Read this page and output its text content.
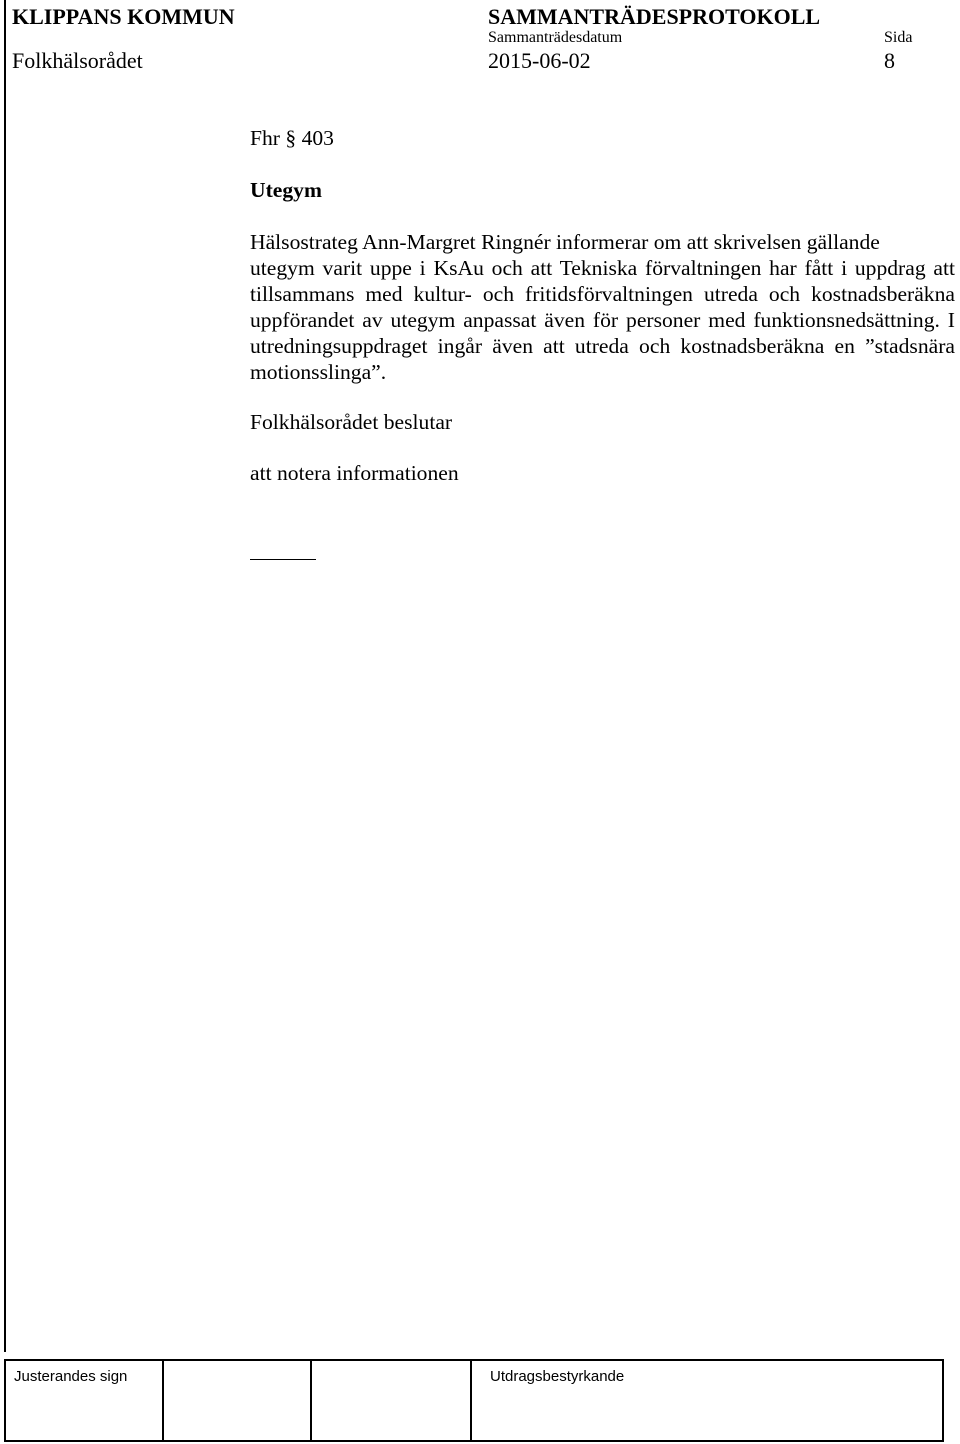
KLIPPANS KOMMUN	SAMMANTRÄDESPROTOKOLL
Sammanträdesdatum	Sida
Folkhälsorådet	2015-06-02	8
Fhr § 403
Utegym
Hälsostrateg Ann-Margret Ringnér informerar om att skrivelsen gällande
utegym varit uppe i KsAu och att Tekniska förvaltningen har fått i uppdrag att
tillsammans med kultur- och fritidsförvaltningen utreda och kostnadsberäkna
uppförandet av utegym anpassat även för personer med funktionsnedsättning. I
utredningsuppdraget ingår även att utreda och kostnadsberäkna en ”stadsnära
motionsslinga”.
Folkhälsorådet beslutar
att notera informationen
Justerandes sign	Utdragsbestyrkande
